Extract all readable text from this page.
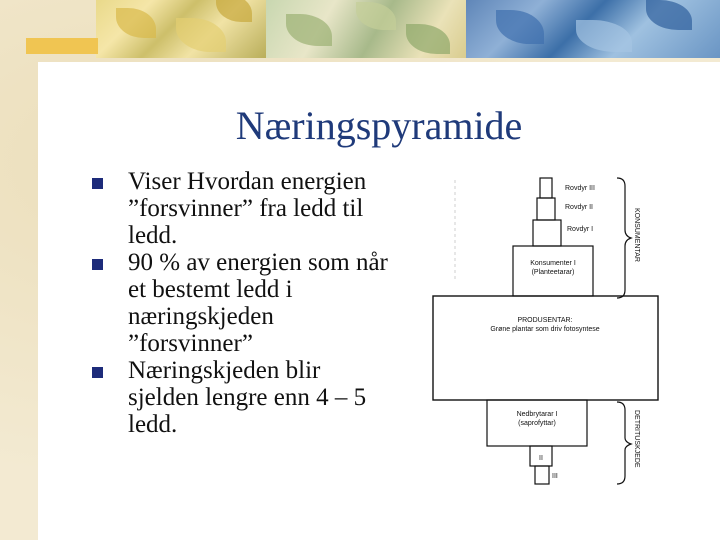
Næringspyramide
Viser Hvordan energien ”forsvinner” fra ledd til ledd.
90 % av energien som når et bestemt ledd i næringskjeden ”forsvinner”
Næringskjeden blir sjelden lengre enn 4 – 5 ledd.
Rovdyr III
Rovdyr II
Rovdyr I
Konsumenter I
(Planteetarar)
PRODUSENTAR:
Grøne plantar som driv fotosyntese
Nedbrytarar I
(saprofyttar)
II
III
KONSUMENTAR
DETRITUSKJEDE
